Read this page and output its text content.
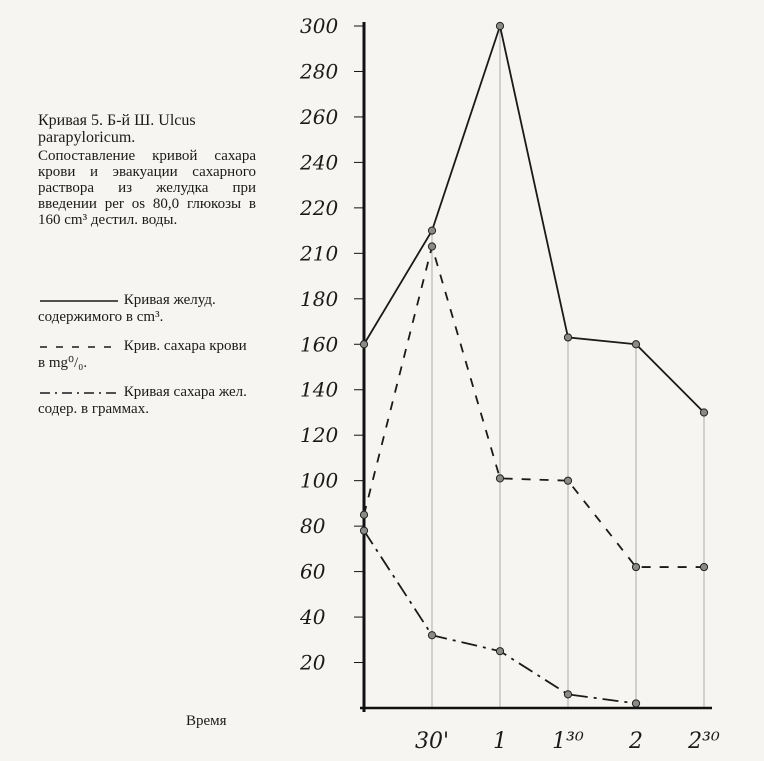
Кривая 5. Б-й Ш. Ulcus parapyloricum.
Сопоставление кривой сахара крови и эвакуации сахарного раствора из желудка при введении per os 80,0 глюкозы в 160 cm³ дестил. воды.
Кривая желуд. содержимого в cm³.
Крив. сахара крови в mg⁰/₀.
Кривая сахара жел. содер. в граммах.
Время
300
280
260
240
220
210
180
160
140
120
100
80
60
40
20
30' 1 1³⁰ 2 2³⁰
